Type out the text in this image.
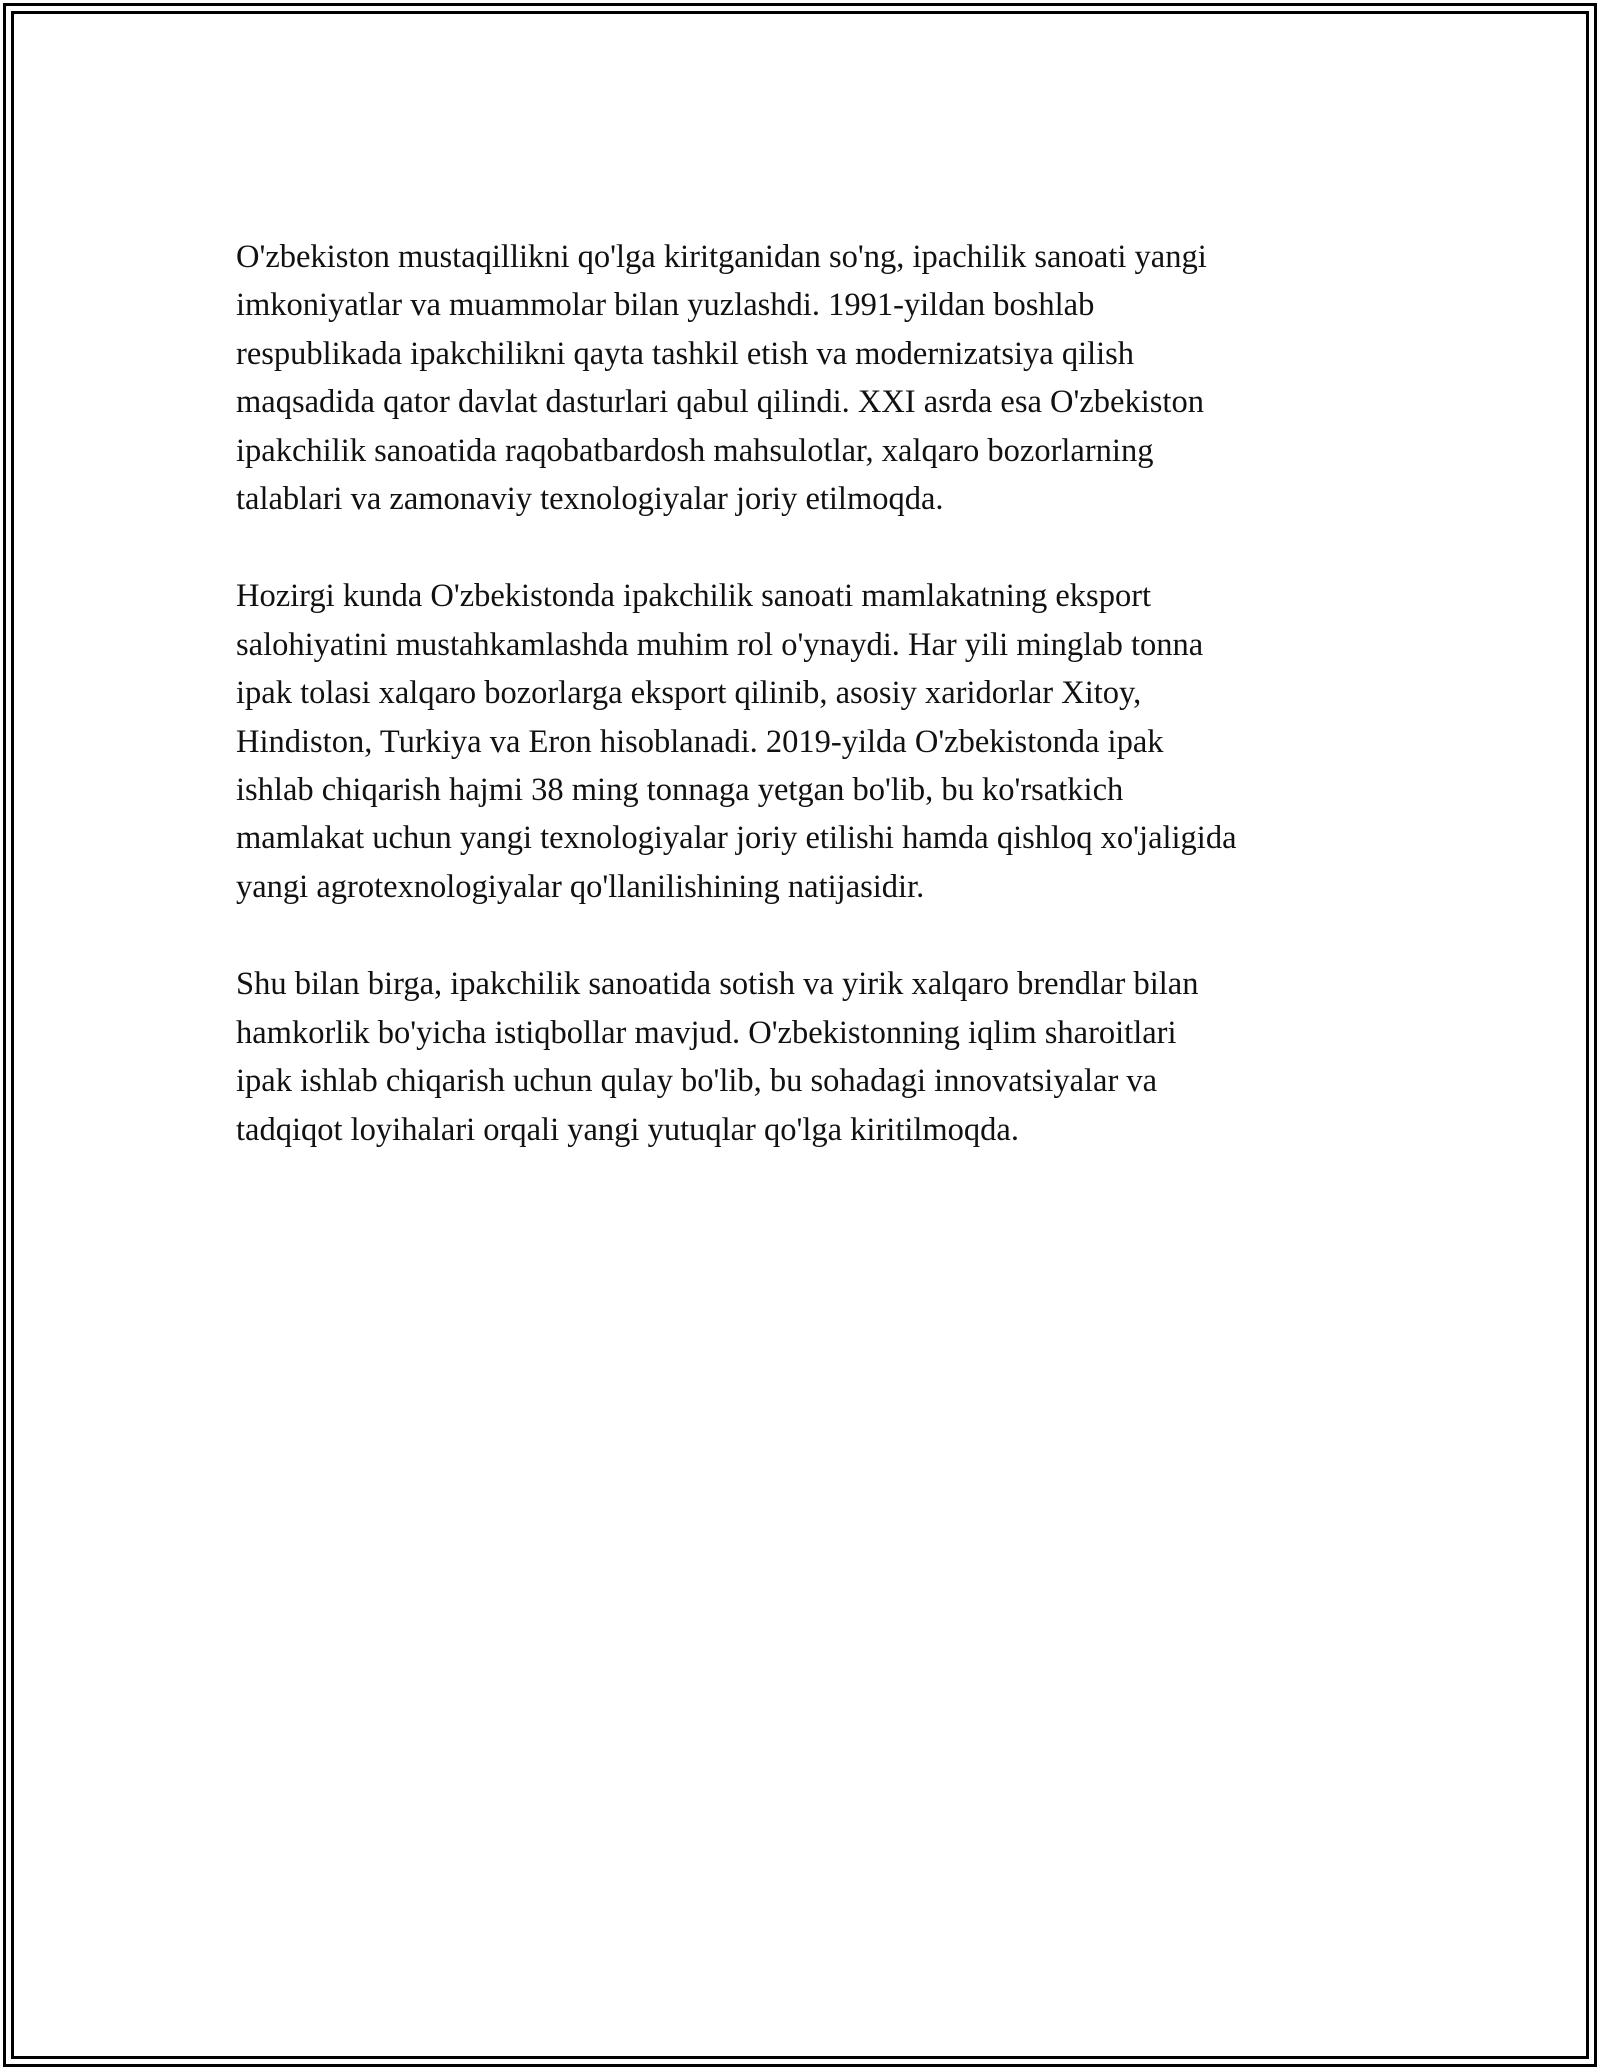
O'zbekiston mustaqillikni qo'lga kiritganidan so'ng, ipachilik sanoati yangi
imkoniyatlar va muammolar bilan yuzlashdi. 1991-yildan boshlab
respublikada ipakchilikni qayta tashkil etish va modernizatsiya qilish
maqsadida qator davlat dasturlari qabul qilindi. XXI asrda esa O'zbekiston
ipakchilik sanoatida raqobatbardosh mahsulotlar, xalqaro bozorlarning
talablari va zamonaviy texnologiyalar joriy etilmoqda.

Hozirgi kunda O'zbekistonda ipakchilik sanoati mamlakatning eksport
salohiyatini mustahkamlashda muhim rol o'ynaydi. Har yili minglab tonna
ipak tolasi xalqaro bozorlarga eksport qilinib, asosiy xaridorlar Xitoy,
Hindiston, Turkiya va Eron hisoblanadi. 2019-yilda O'zbekistonda ipak
ishlab chiqarish hajmi 38 ming tonnaga yetgan bo'lib, bu ko'rsatkich
mamlakat uchun yangi texnologiyalar joriy etilishi hamda qishloq xo'jaligida
yangi agrotexnologiyalar qo'llanilishining natijasidir.

Shu bilan birga, ipakchilik sanoatida sotish va yirik xalqaro brendlar bilan
hamkorlik bo'yicha istiqbollar mavjud. O'zbekistonning iqlim sharoitlari
ipak ishlab chiqarish uchun qulay bo'lib, bu sohadagi innovatsiyalar va
tadqiqot loyihalari orqali yangi yutuqlar qo'lga kiritilmoqda.
